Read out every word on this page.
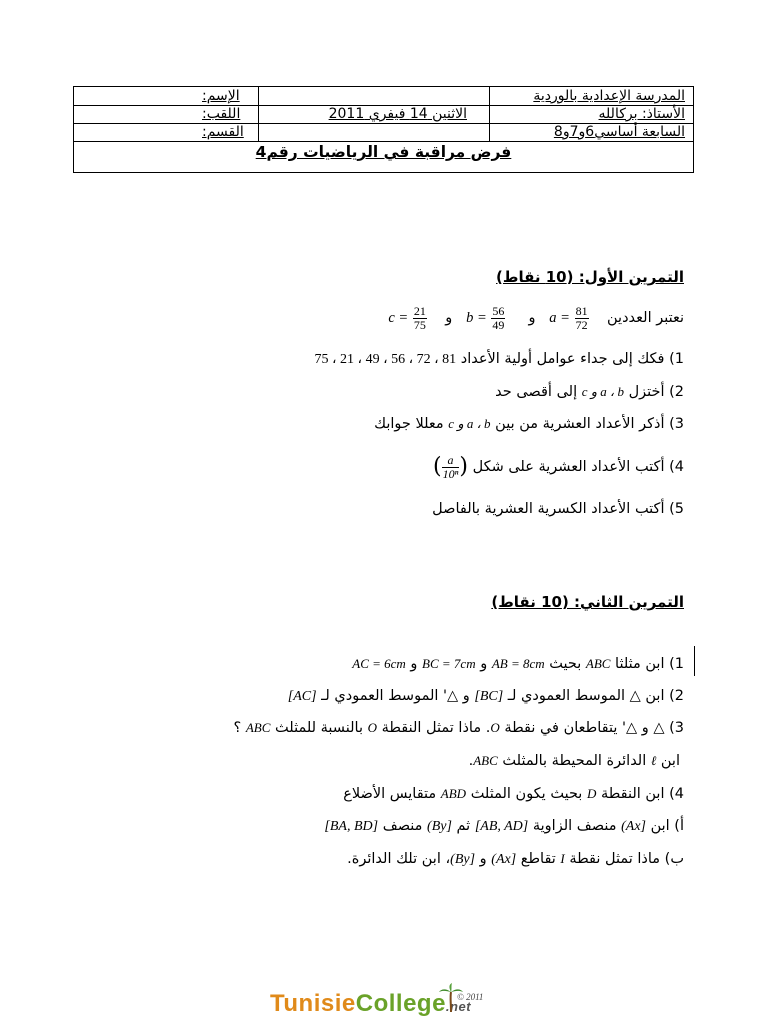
المدرسة الإعدادية بالوردية
الأستاذ: بركالله
السابعة أساسي6و7و8
الاثنين 14 فيفري 2011
الإسم:
اللقب:
القسم:
فرض مراقبة في الرياضيات رقم4
التمرين الأول: (10 نقاط)
نعتبر العددين   $a = \frac{81}{72}$
و    $b = \frac{56}{49}$
و    $c = \frac{21}{75}$
1) فكك إلى جداء عوامل أولية الأعداد 81 ، 72 ، 56 ، 49 ، 21 ، 75
2) أختزل a ، b و c إلى أقصى حد
3) أذكر الأعداد العشرية من بين a ، b و c معللا جوابك
4) أكتب الأعداد العشرية على شكل (
$\frac{a}{\text{10ⁿ}}$
)
5) أكتب الأعداد الكسرية العشرية بالفاصل
التمرين الثاني: (10 نقاط)
1) ابن مثلثا ABC بحيث AB = 8cm و BC = 7cm و AC = 6cm
2) ابن △ الموسط العمودي لـ [BC] و △' الموسط العمودي لـ [AC]
3) △ و △' يتقاطعان في نقطة O. ماذا تمثل النقطة O بالنسبة للمثلث ABC ؟
ابن ℓ الدائرة المحيطة بالمثلث ABC.
4) ابن النقطة D بحيث يكون المثلث ABD متقايس الأضلاع
أ) ابن [Ax) منصف الزاوية [AB, AD] ثم [By) منصف [BA, BD]
ب) ماذا تمثل نقطة I تقاطع [Ax) و [By)، ابن تلك الدائرة.
TunisieCollege.net
© 2011
